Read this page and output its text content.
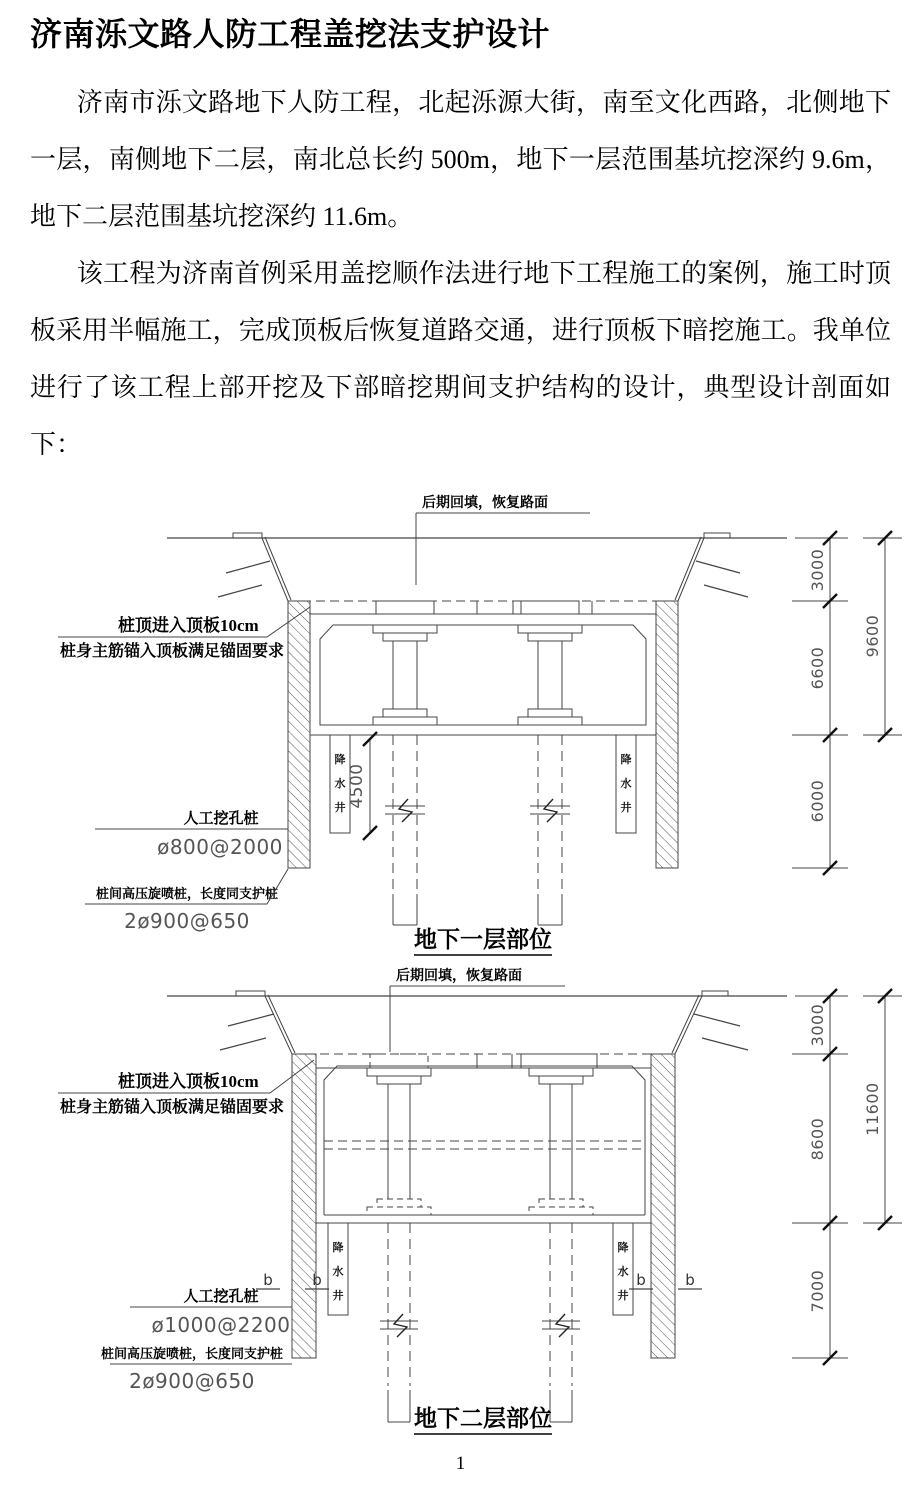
济南泺文路人防工程盖挖法支护设计

济南市泺文路地下人防工程，北起泺源大街，南至文化西路，北侧地下一层，南侧地下二层，南北总长约 500m，地下一层范围基坑挖深约 9.6m，地下二层范围基坑挖深约 11.6m。

该工程为济南首例采用盖挖顺作法进行地下工程施工的案例，施工时顶板采用半幅施工，完成顶板后恢复道路交通，进行顶板下暗挖施工。我单位进行了该工程上部开挖及下部暗挖期间支护结构的设计，典型设计剖面如下：

后期回填，恢复路面
降
水
井
降
水
井
4500
3000
6600
6000
9600
桩顶进入顶板10cm
桩身主筋锚入顶板满足锚固要求
人工挖孔桩
ø800@2000
桩间高压旋喷桩，长度同支护桩
2ø900@650
地下一层部位
后期回填，恢复路面
降
水
井
降
水
井
b	b	b	b
3000
8600
7000
11600
桩顶进入顶板10cm
桩身主筋锚入顶板满足锚固要求
人工挖孔桩
ø1000@2200
桩间高压旋喷桩，长度同支护桩
2ø900@650
地下二层部位
1
